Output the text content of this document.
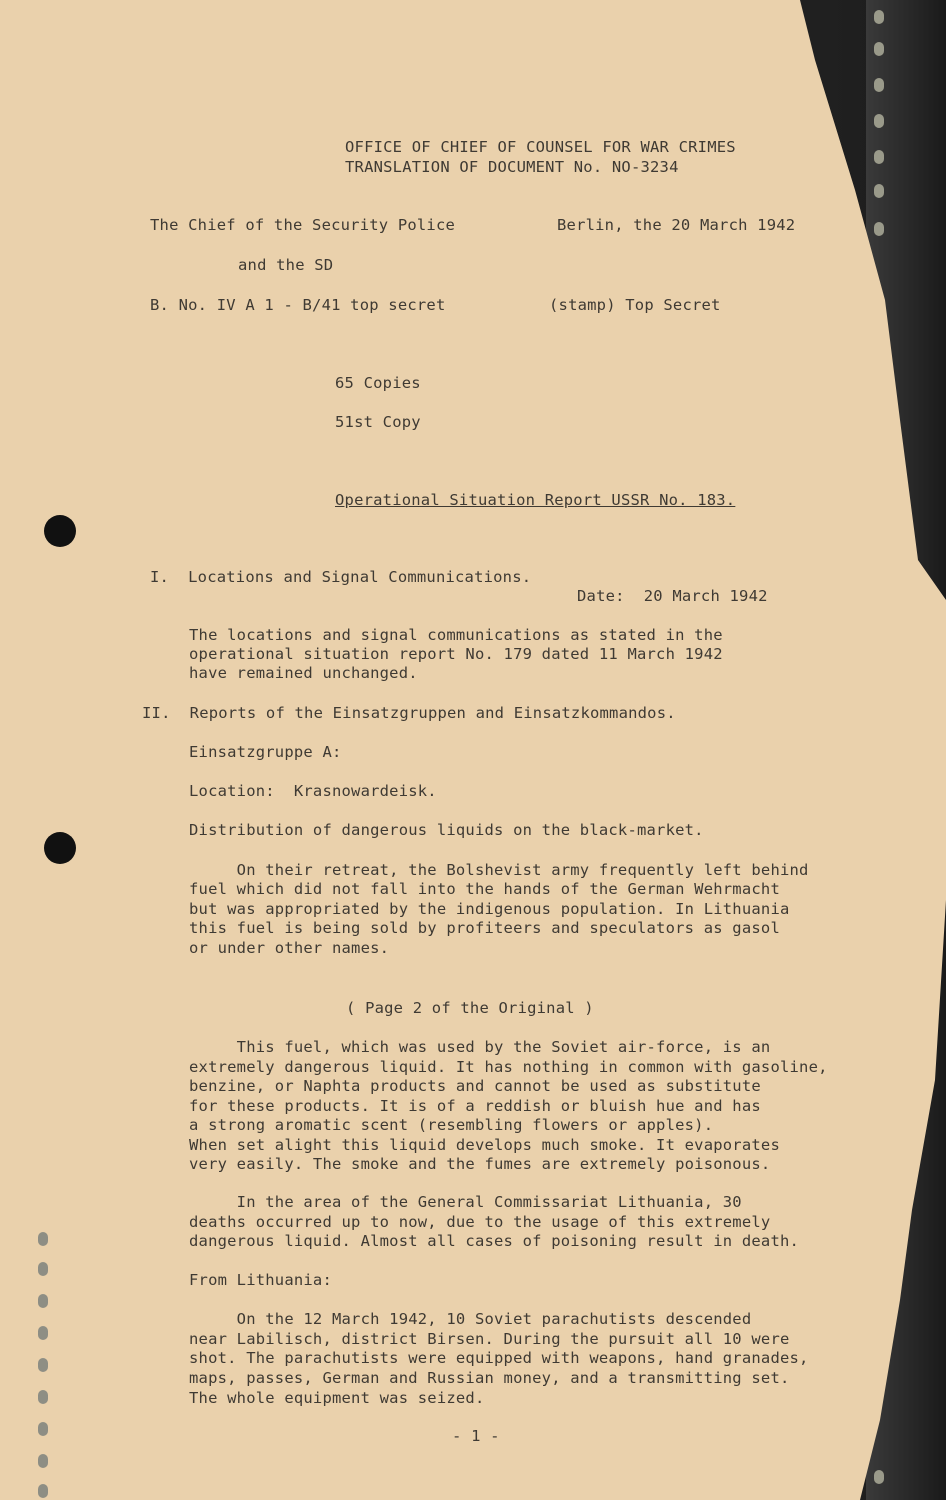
OFFICE OF CHIEF OF COUNSEL FOR WAR CRIMES
TRANSLATION OF DOCUMENT No. NO-3234
The Chief of the Security Police	Berlin, the 20 March 1942
and the SD
B. No. IV A 1 - B/41 top secret	(stamp) Top Secret
65 Copies
51st Copy
Operational Situation Report USSR No. 183.
I.  Locations and Signal Communications.
Date:  20 March 1942
The locations and signal communications as stated in the
operational situation report No. 179 dated 11 March 1942
have remained unchanged.
II.  Reports of the Einsatzgruppen and Einsatzkommandos.
Einsatzgruppe A:
Location:  Krasnowardeisk.
Distribution of dangerous liquids on the black-market.
On their retreat, the Bolshevist army frequently left behind
fuel which did not fall into the hands of the German Wehrmacht
but was appropriated by the indigenous population. In Lithuania
this fuel is being sold by profiteers and speculators as gasol
or under other names.
( Page 2 of the Original )
This fuel, which was used by the Soviet air-force, is an
extremely dangerous liquid. It has nothing in common with gasoline,
benzine, or Naphta products and cannot be used as substitute
for these products. It is of a reddish or bluish hue and has
a strong aromatic scent (resembling flowers or apples).
When set alight this liquid develops much smoke. It evaporates
very easily. The smoke and the fumes are extremely poisonous.
In the area of the General Commissariat Lithuania, 30
deaths occurred up to now, due to the usage of this extremely
dangerous liquid. Almost all cases of poisoning result in death.
From Lithuania:
On the 12 March 1942, 10 Soviet parachutists descended
near Labilisch, district Birsen. During the pursuit all 10 were
shot. The parachutists were equipped with weapons, hand granades,
maps, passes, German and Russian money, and a transmitting set.
The whole equipment was seized.
- 1 -
